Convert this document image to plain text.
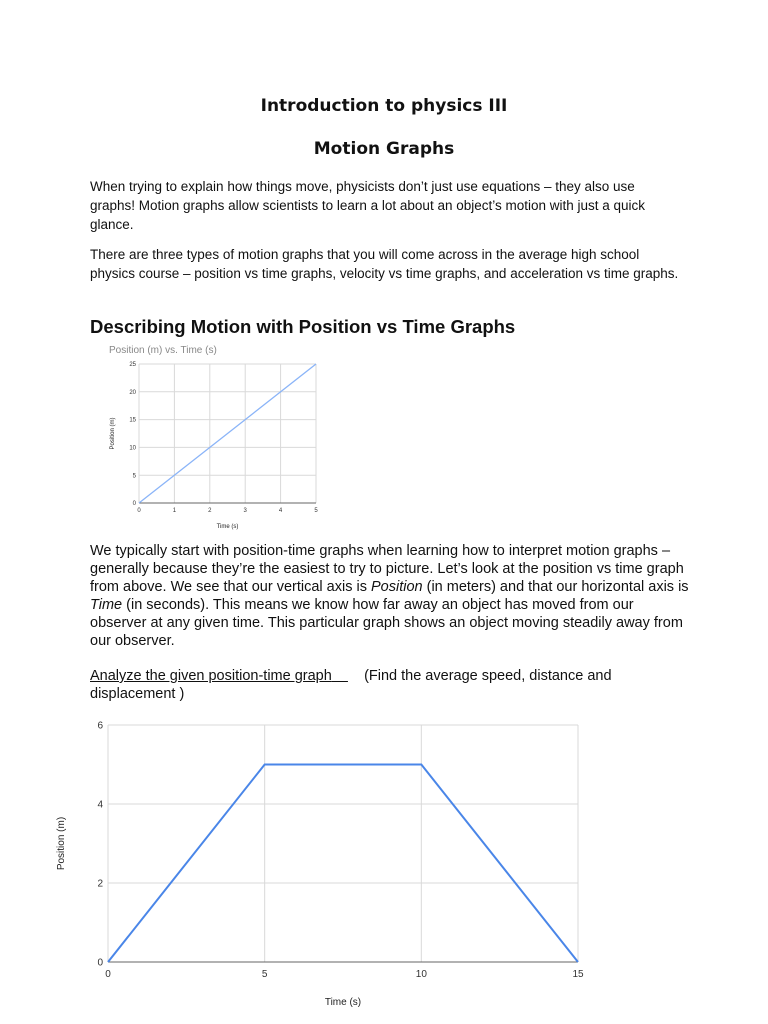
Introduction to physics III
Motion Graphs

When trying to explain how things move, physicists don’t just use equations – they also use graphs! Motion graphs allow scientists to learn a lot about an object’s motion with just a quick glance.

There are three types of motion graphs that you will come across in the average high school physics course – position vs time graphs, velocity vs time graphs, and acceleration vs time graphs.

Describing Motion with Position vs Time Graphs
Position (m) vs. Time (s)
0	1	2	3	4	5
0
5
10
15
20
25
Time (s)
Position (m)

We typically start with position-time graphs when learning how to interpret motion graphs – generally because they’re the easiest to try to picture. Let’s look at the position vs time graph from above. We see that our vertical axis is Position (in meters) and that our horizontal axis is Time (in seconds). This means we know how far away an object has moved from our observer at any given time. This particular graph shows an object moving steadily away from our observer.

Analyze the given position-time graph (Find the average speed, distance and displacement )

0	5	10	15
0
2
4
6
Time (s)
Position (m)
